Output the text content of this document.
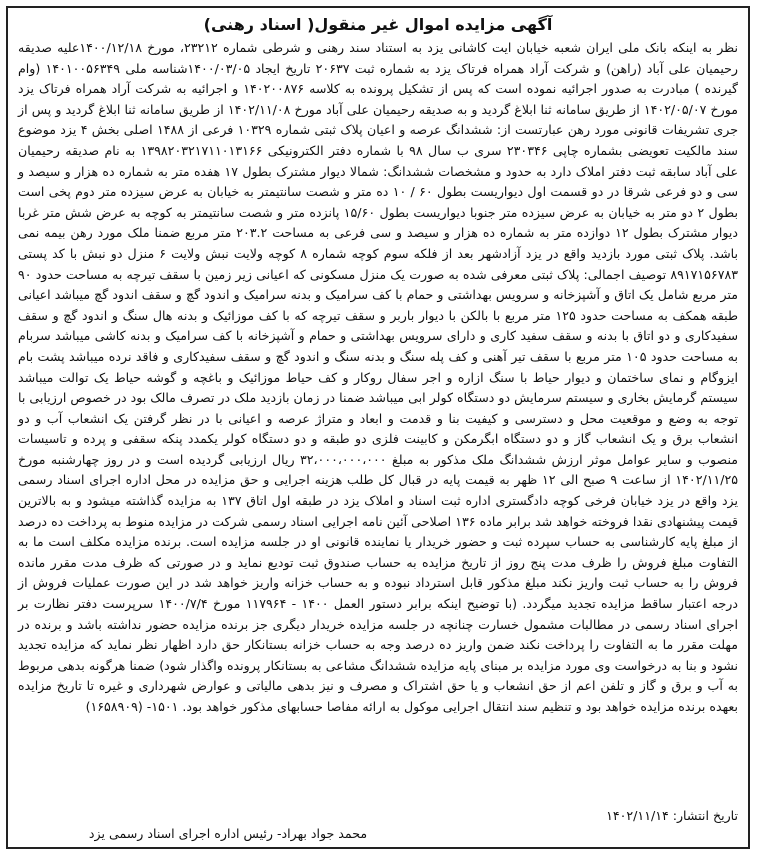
آگهی مزایده اموال غیر منقول( اسناد رهنی)

نظر به اینکه بانک ملی ایران شعبه خیابان ایت کاشانی یزد به استناد سند رهنی و شرطی شماره ۲۳۲۱۲، مورخ ۱۴۰۰/۱۲/۱۸علیه صدیقه رحیمیان علی آباد (راهن) و شرکت آراد همراه فرتاک یزد به شماره ثبت ۲۰۶۳۷ تاریخ ایجاد ۱۴۰۰/۰۳/۰۵شناسه ملی ۱۴۰۱۰۰۵۶۳۴۹ (وام گیرنده ) مبادرت به صدور اجرائیه نموده است که پس از تشکیل پرونده به کلاسه ۱۴۰۲۰۰۸۷۶ و اجرائیه به شرکت آراد همراه فرتاک یزد مورخ ۱۴۰۲/۰۵/۰۷ از طریق سامانه ثنا ابلاغ گردید و به صدیقه رحیمیان علی آباد مورخ ۱۴۰۲/۱۱/۰۸ از طریق سامانه ثنا ابلاغ گردید و پس از جری تشریفات قانونی مورد رهن عبارتست از: ششدانگ عرصه و اعیان پلاک ثبتی شماره ۱۰۳۲۹ فرعی از ۱۴۸۸ اصلی بخش ۴ یزد موضوع سند مالکیت تعویضی بشماره چاپی ۲۳۰۳۴۶ سری ب سال ۹۸ با شماره دفتر الکترونیکی ۱۳۹۸۲۰۳۲۱۷۱۱۰۱۳۱۶۶ به نام صدیقه رحیمیان علی آباد سابقه ثبت دفتر املاک دارد به حدود و مشخصات ششدانگ: شمالا دیوار مشترک بطول ۱۷ هفده متر به شماره ده هزار و سیصد و سی و دو فرعی شرقا در دو قسمت اول دیواریست بطول ۶۰ / ۱۰ ده متر و شصت سانتیمتر به خیابان به عرض سیزده متر دوم پخی است بطول ۲ دو متر به خیابان به عرض سیزده متر جنوبا دیواریست بطول ۱۵/۶۰ پانزده متر و شصت سانتیمتر به کوچه به عرض شش متر غربا دیوار مشترک بطول ۱۲ دوازده متر به شماره ده هزار و سیصد و سی فرعی به مساحت ۲۰۳.۲ متر مربع ضمنا ملک مورد رهن بیمه نمی باشد. پلاک ثبتی مورد بازدید واقع در یزد آزادشهر بعد از فلکه سوم کوچه شماره ۸ کوچه ولایت نبش ولایت ۶ منزل دو نبش با کد پستی ۸۹۱۷۱۵۶۷۸۳ توصیف اجمالی: پلاک ثبتی معرفی شده به صورت یک منزل مسکونی که اعیانی زیر زمین با سقف تیرچه به مساحت حدود ۹۰ متر مربع شامل یک اتاق و آشپزخانه و سرویس بهداشتی و حمام با کف سرامیک و بدنه سرامیک و اندود گچ و سقف اندود گچ میباشد اعیانی طبقه همکف به مساحت حدود ۱۲۵ متر مربع با بالکن با دیوار باربر و سقف تیرچه که با کف موزائیک و بدنه هال سنگ و اندود گچ و سقف سفیدکاری و دو اتاق با بدنه و سقف سفید کاری و دارای سرویس بهداشتی و حمام و آشپزخانه با کف سرامیک و بدنه کاشی میباشد سربام به مساحت حدود ۱۰۵ متر مربع با سقف تیر آهنی و کف پله سنگ و بدنه سنگ و اندود گچ و سقف سفیدکاری و فاقد نرده میباشد پشت بام ایزوگام و نمای ساختمان و دیوار حیاط با سنگ ازاره و اجر سفال روکار و کف حیاط موزائیک و باغچه و گوشه حیاط یک توالت میباشد سیستم گرمایش بخاری و سیستم سرمایش دو دستگاه کولر ابی میباشد ضمنا در زمان بازدید ملک در تصرف مالک بود در خصوص ارزیابی با توجه به وضع و موقعیت محل و دسترسی و کیفیت بنا و قدمت و ابعاد و متراژ عرصه و اعیانی با در نظر گرفتن یک انشعاب آب و دو انشعاب برق و یک انشعاب گاز و دو دستگاه ابگرمکن و کابینت فلزی دو طبقه و دو دستگاه کولر یکمدد پنکه سقفی و پرده و تاسیسات منصوب و سایر عوامل موثر ارزش ششدانگ ملک مذکور به مبلغ ۳۲،۰۰۰،۰۰۰،۰۰۰ ریال ارزیابی گردیده است و در روز چهارشنبه مورخ ۱۴۰۲/۱۱/۲۵ از ساعت ۹ صبح الی ۱۲ ظهر به قیمت پایه در قبال کل طلب هزینه اجرایی و حق مزایده در محل اداره اجرای اسناد رسمی یزد واقع در یزد خیابان فرخی کوچه دادگستری اداره ثبت اسناد و املاک یزد در طبقه اول اتاق ۱۳۷ به مزایده گذاشته میشود و به بالاترین قیمت پیشنهادی نقدا فروخته خواهد شد برابر ماده ۱۳۶ اصلاحی آئین نامه اجرایی اسناد رسمی شرکت در مزایده منوط به پرداخت ده درصد از مبلغ پایه کارشناسی به حساب سپرده ثبت و حضور خریدار یا نماینده قانونی او در جلسه مزایده است. برنده مزایده مکلف است ما به التفاوت مبلغ فروش را ظرف مدت پنج روز از تاریخ مزایده به حساب صندوق ثبت تودیع نماید و در صورتی که ظرف مدت مقرر مانده فروش را به حساب ثبت واریز نکند مبلغ مذکور قابل استرداد نبوده و به حساب خزانه واریز خواهد شد در این صورت عملیات فروش از درجه اعتبار ساقط مزایده تجدید میگردد. (با توضیح اینکه برابر دستور العمل ۱۴۰۰ - ۱۱۷۹۶۴ مورخ ۱۴۰۰/۷/۴ سرپرست دفتر نظارت بر اجرای اسناد رسمی در مطالبات مشمول خسارت چنانچه در جلسه مزایده خریدار دیگری جز برنده مزایده حضور نداشته باشد و برنده در مهلت مقرر ما به التفاوت را پرداخت نکند ضمن واریز ده درصد وجه به حساب خزانه بستانکار حق دارد اظهار نظر نماید که مزایده تجدید نشود و بنا به درخواست وی مورد مزایده بر مبنای پایه مزایده ششدانگ مشاعی به بستانکار پرونده واگذار شود) ضمنا هرگونه بدهی مربوط به آب و برق و گاز و تلفن اعم از حق انشعاب و یا حق اشتراک و مصرف و نیز بدهی مالیاتی و عوارض شهرداری و غیره تا تاریخ مزایده بعهده برنده مزایده خواهد بود و تنظیم سند انتقال اجرایی موکول به ارائه مفاصا حسابهای مذکور خواهد بود. ۱۵۰۱- (۱۶۵۸۹۰۹)

تاریخ انتشار: ۱۴۰۲/۱۱/۱۴
محمد جواد بهراد- رئیس اداره اجرای اسناد رسمی یزد
